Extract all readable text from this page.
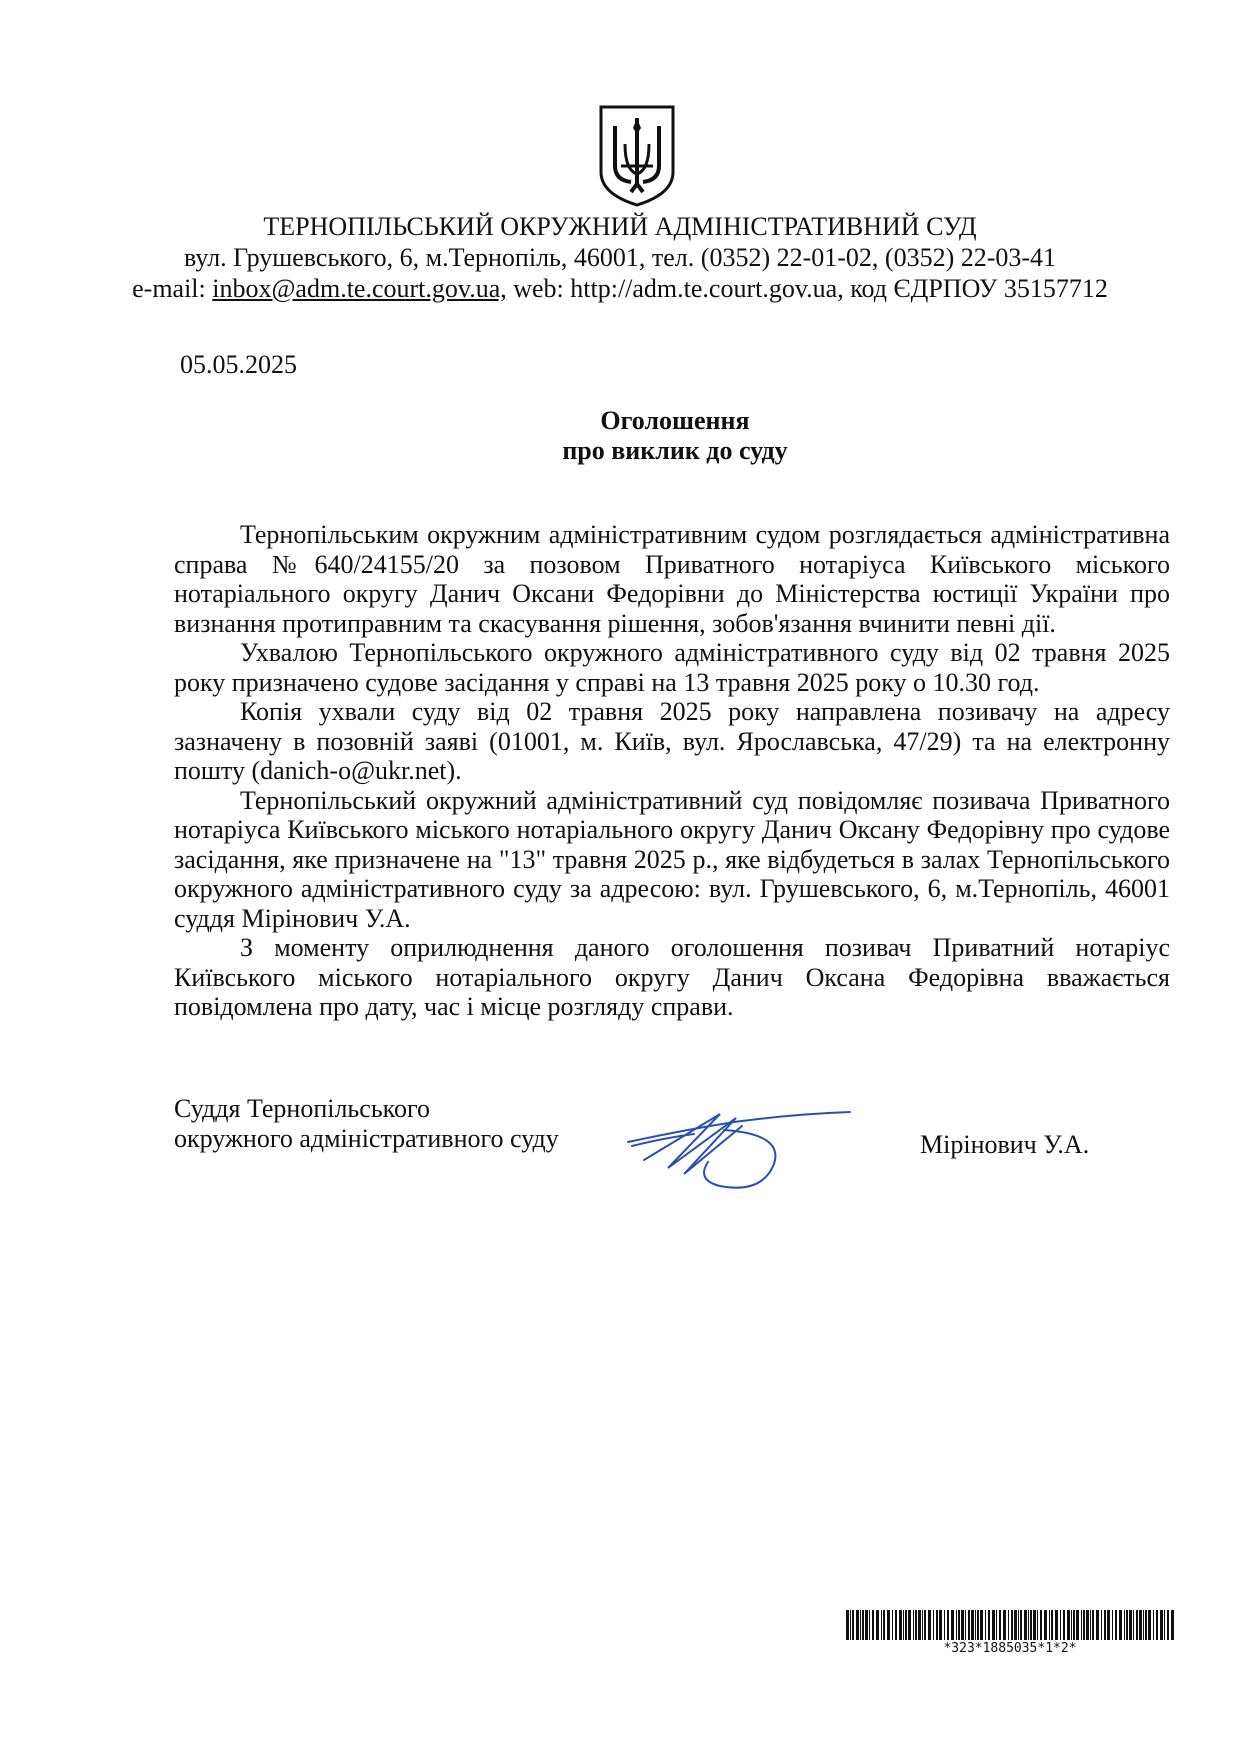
ТЕРНОПІЛЬСЬКИЙ ОКРУЖНИЙ АДМІНІСТРАТИВНИЙ СУД
вул. Грушевського, 6, м.Тернопіль, 46001, тел. (0352) 22-01-02, (0352) 22-03-41
e-mail: inbox@adm.te.court.gov.ua, web: http://adm.te.court.gov.ua, код ЄДРПОУ 35157712
05.05.2025
Оголошення
про виклик до суду

Тернопільським окружним адміністративним судом розглядається адміністративна справа №640/24155/20 за позовом Приватного нотаріуса Київського міського нотаріального округу Данич Оксани Федорівни до Міністерства юстиції України про визнання протиправним та скасування рішення, зобов'язання вчинити певні дії.

Ухвалою Тернопільського окружного адміністративного суду від 02 травня 2025 року призначено судове засідання у справі на 13 травня 2025 року о 10.30 год.

Копія ухвали суду від 02 травня 2025 року направлена позивачу на адресу зазначену в позовній заяві (01001, м. Київ, вул. Ярославська, 47/29) та на електронну пошту (danich-o@ukr.net).

Тернопільський окружний адміністративний суд повідомляє позивача Приватного нотаріуса Київського міського нотаріального округу Данич Оксану Федорівну про судове засідання, яке призначене на "13" травня 2025 р., яке відбудеться в залах Тернопільського окружного адміністративного суду за адресою: вул. Грушевського, 6, м.Тернопіль, 46001 суддя Мірінович У.А.

З моменту оприлюднення даного оголошення позивач Приватний нотаріус Київського міського нотаріального округу Данич Оксана Федорівна вважається повідомлена про дату, час і місце розгляду справи.

Суддя Тернопільського
окружного адміністративного суду	Мірінович У.А.
*323*1885035*1*2*
